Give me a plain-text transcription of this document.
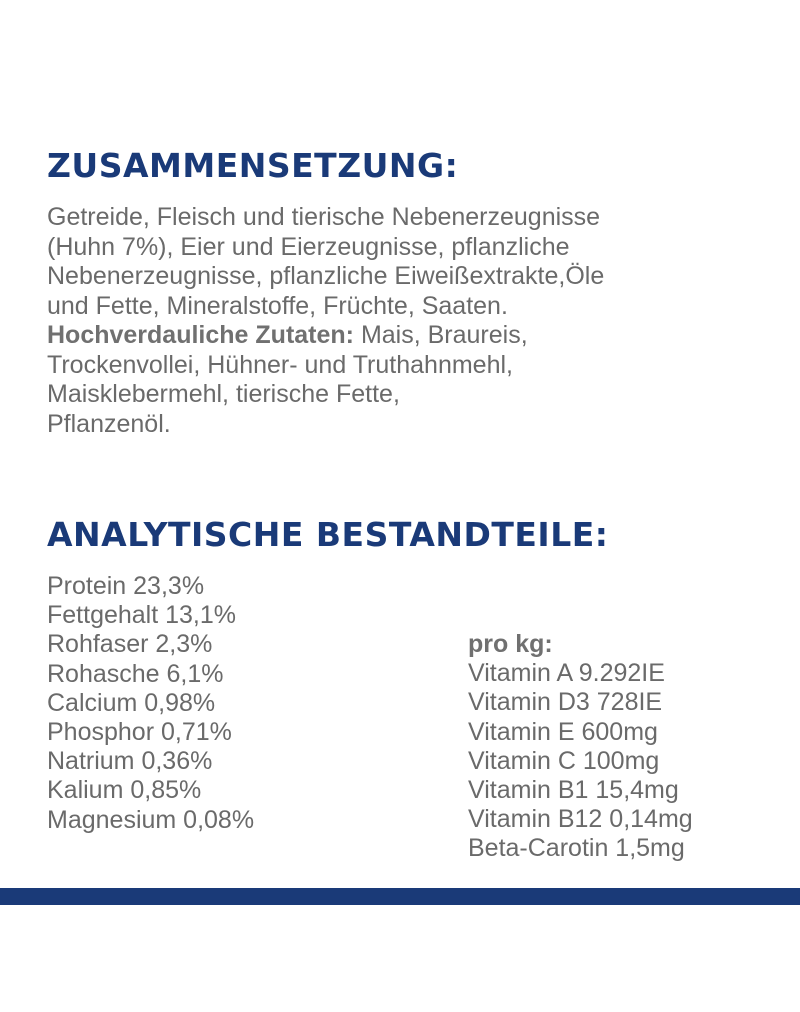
ZUSAMMENSETZUNG:
Getreide, Fleisch und tierische Nebenerzeugnisse
(Huhn 7%), Eier und Eierzeugnisse, pflanzliche
Nebenerzeugnisse, pflanzliche Eiweißextrakte,Öle
und Fette, Mineralstoffe, Früchte, Saaten.
Hochverdauliche Zutaten: Mais, Braureis,
Trockenvollei, Hühner- und Truthahnmehl,
Maisklebermehl, tierische Fette,
Pflanzenöl.
ANALYTISCHE BESTANDTEILE:
Protein 23,3%
Fettgehalt 13,1%
Rohfaser 2,3%
Rohasche 6,1%
Calcium 0,98%
Phosphor 0,71%
Natrium 0,36%
Kalium 0,85%
Magnesium 0,08%
pro kg:
Vitamin A 9.292IE
Vitamin D3 728IE
Vitamin E 600mg
Vitamin C 100mg
Vitamin B1 15,4mg
Vitamin B12 0,14mg
Beta-Carotin 1,5mg
